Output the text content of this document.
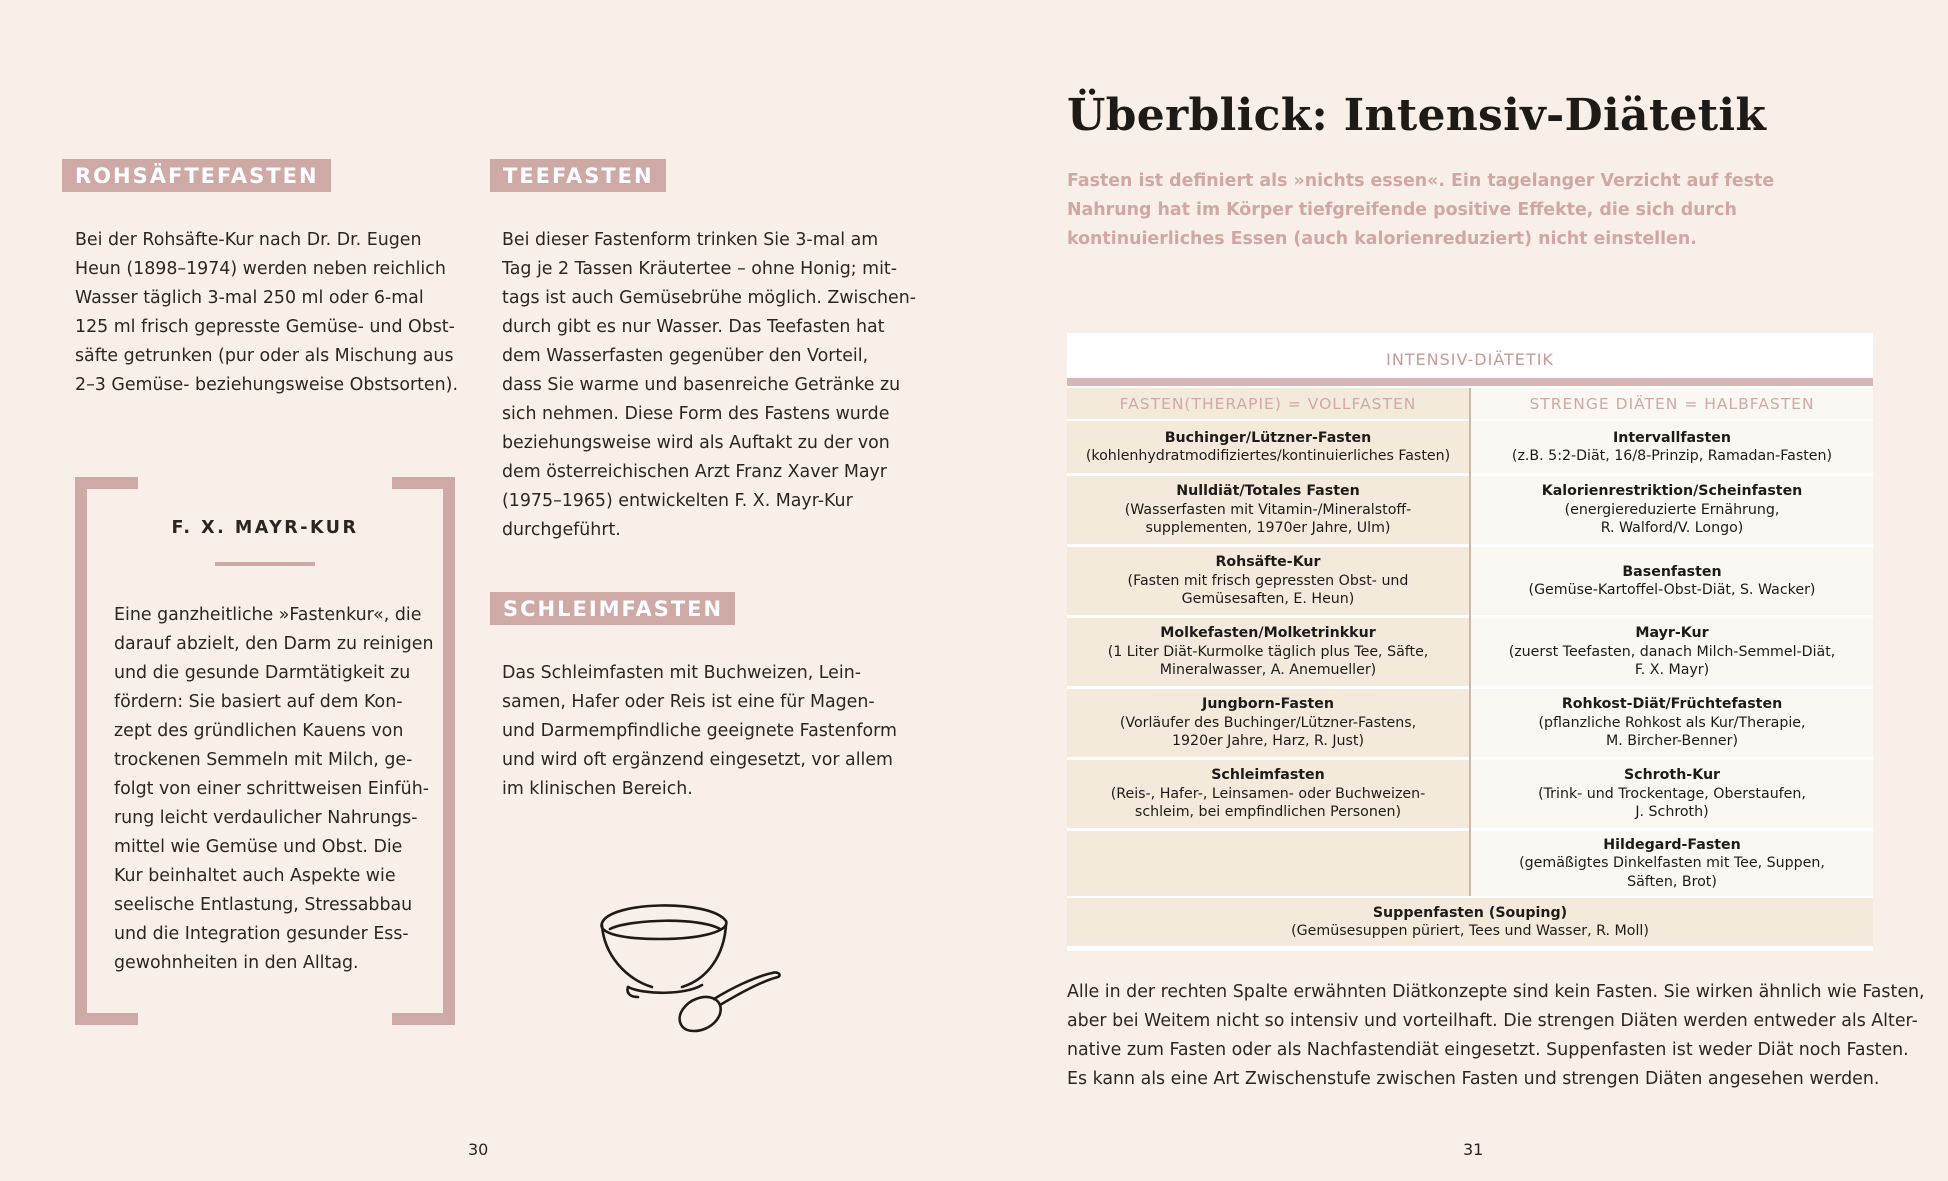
ROHSÄFTEFASTEN
Bei der Rohsäfte-Kur nach Dr. Dr. Eugen
Heun (1898–1974) werden neben reichlich
Wasser täglich 3-mal 250 ml oder 6-mal
125 ml frisch gepresste Gemüse- und Obst-
säfte getrunken (pur oder als Mischung aus
2–3 Gemüse- beziehungsweise Obstsorten).
TEEFASTEN
Bei dieser Fastenform trinken Sie 3-mal am
Tag je 2 Tassen Kräutertee – ohne Honig; mit-
tags ist auch Gemüsebrühe möglich. Zwischen-
durch gibt es nur Wasser. Das Teefasten hat
dem Wasserfasten gegenüber den Vorteil,
dass Sie warme und basenreiche Getränke zu
sich nehmen. Diese Form des Fastens wurde
beziehungsweise wird als Auftakt zu der von
dem österreichischen Arzt Franz Xaver Mayr
(1975–1965) entwickelten F. X. Mayr-Kur
durchgeführt.
SCHLEIMFASTEN
Das Schleimfasten mit Buchweizen, Lein-
samen, Hafer oder Reis ist eine für Magen-
und Darmempfindliche geeignete Fastenform
und wird oft ergänzend eingesetzt, vor allem
im klinischen Bereich.
F. X. MAYR-KUR
Eine ganzheitliche »Fastenkur«, die
darauf abzielt, den Darm zu reinigen
und die gesunde Darmtätigkeit zu
fördern: Sie basiert auf dem Kon-
zept des gründlichen Kauens von
trockenen Semmeln mit Milch, ge-
folgt von einer schrittweisen Einfüh-
rung leicht verdaulicher Nahrungs-
mittel wie Gemüse und Obst. Die
Kur beinhaltet auch Aspekte wie
seelische Entlastung, Stressabbau
und die Integration gesunder Ess-
gewohnheiten in den Alltag.
30
Überblick: Intensiv-Diätetik
Fasten ist definiert als »nichts essen«. Ein tagelanger Verzicht auf feste
Nahrung hat im Körper tiefgreifende positive Effekte, die sich durch
kontinuierliches Essen (auch kalorienreduziert) nicht einstellen.
INTENSIV-DIÄTETIK
FASTEN(THERAPIE) = VOLLFASTEN	STRENGE DIÄTEN = HALBFASTEN
Buchinger/Lützner-Fasten
(kohlenhydratmodifiziertes/kontinuierliches Fasten)
Intervallfasten
(z.B. 5:2-Diät, 16/8-Prinzip, Ramadan-Fasten)
Nulldiät/Totales Fasten
(Wasserfasten mit Vitamin-/Mineralstoff-
supplementen, 1970er Jahre, Ulm)
Kalorienrestriktion/Scheinfasten
(energiereduzierte Ernährung,
R. Walford/V. Longo)
Rohsäfte-Kur
(Fasten mit frisch gepressten Obst- und
Gemüsesaften, E. Heun)
Basenfasten
(Gemüse-Kartoffel-Obst-Diät, S. Wacker)
Molkefasten/Molketrinkkur
(1 Liter Diät-Kurmolke täglich plus Tee, Säfte,
Mineralwasser, A. Anemueller)
Mayr-Kur
(zuerst Teefasten, danach Milch-Semmel-Diät,
F. X. Mayr)
Jungborn-Fasten
(Vorläufer des Buchinger/Lützner-Fastens,
1920er Jahre, Harz, R. Just)
Rohkost-Diät/Früchtefasten
(pflanzliche Rohkost als Kur/Therapie,
M. Bircher-Benner)
Schleimfasten
(Reis-, Hafer-, Leinsamen- oder Buchweizen-
schleim, bei empfindlichen Personen)
Schroth-Kur
(Trink- und Trockentage, Oberstaufen,
J. Schroth)
Hildegard-Fasten
(gemäßigtes Dinkelfasten mit Tee, Suppen,
Säften, Brot)
Suppenfasten (Souping)
(Gemüsesuppen püriert, Tees und Wasser, R. Moll)
Alle in der rechten Spalte erwähnten Diätkonzepte sind kein Fasten. Sie wirken ähnlich wie Fasten,
aber bei Weitem nicht so intensiv und vorteilhaft. Die strengen Diäten werden entweder als Alter-
native zum Fasten oder als Nachfastendiät eingesetzt. Suppenfasten ist weder Diät noch Fasten.
Es kann als eine Art Zwischenstufe zwischen Fasten und strengen Diäten angesehen werden.
31
